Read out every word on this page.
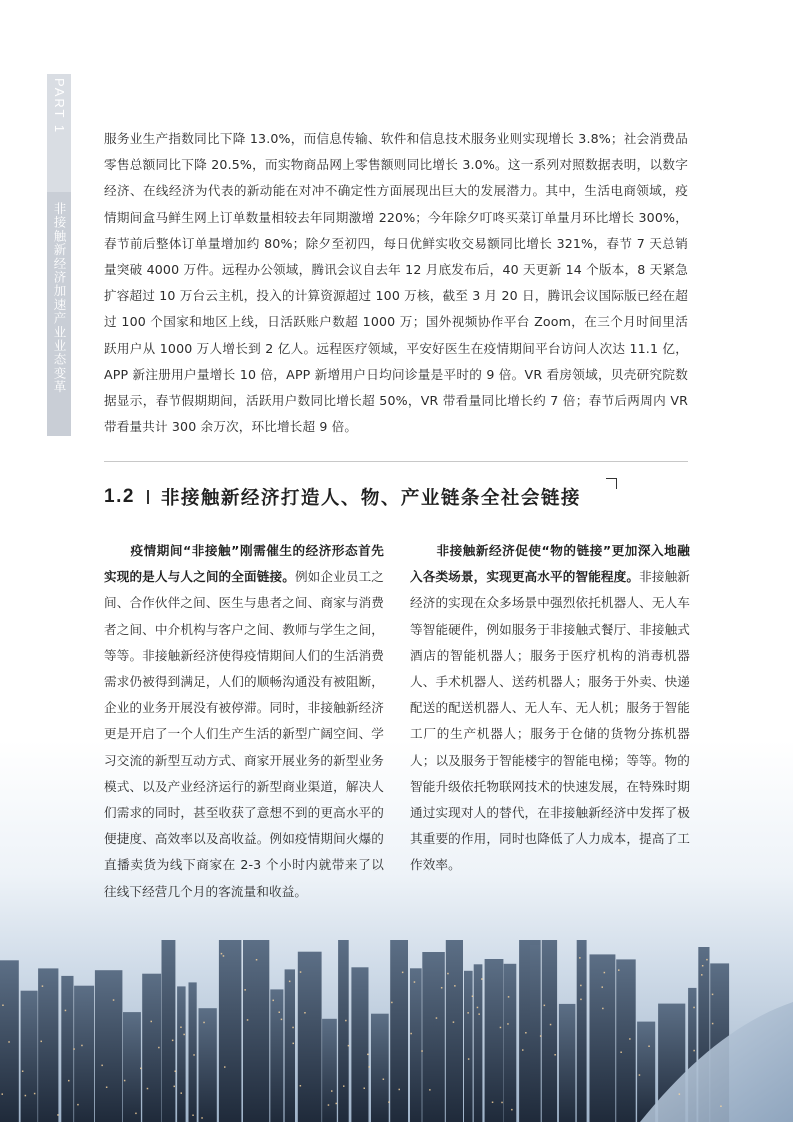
PART 1
非接触新经济加速产业业态变革

服务业生产指数同比下降 13.0%，而信息传输、软件和信息技术服务业则实现增长 3.8%；社会消费品零售总额同比下降 20.5%，而实物商品网上零售额则同比增长 3.0%。这一系列对照数据表明，以数字经济、在线经济为代表的新动能在对冲不确定性方面展现出巨大的发展潜力。其中，生活电商领域，疫情期间盒马鲜生网上订单数量相较去年同期激增 220%；今年除夕叮咚买菜订单量月环比增长 300%，春节前后整体订单量增加约 80%；除夕至初四，每日优鲜实收交易额同比增长 321%，春节 7 天总销量突破 4000 万件。远程办公领域，腾讯会议自去年 12 月底发布后，40 天更新 14 个版本，8 天紧急扩容超过 10 万台云主机，投入的计算资源超过 100 万核，截至 3 月 20 日，腾讯会议国际版已经在超过 100 个国家和地区上线，日活跃账户数超 1000 万；国外视频协作平台 Zoom，在三个月时间里活跃用户从 1000 万人增长到 2 亿人。远程医疗领域，平安好医生在疫情期间平台访问人次达 11.1 亿，APP 新注册用户量增长 10 倍，APP 新增用户日均问诊量是平时的 9 倍。VR 看房领域，贝壳研究院数据显示，春节假期期间，活跃用户数同比增长超 50%，VR 带看量同比增长约 7 倍；春节后两周内 VR 带看量共计 300 余万次，环比增长超 9 倍。

1.2 非接触新经济打造人、物、产业链条全社会链接

疫情期间“非接触”刚需催生的经济形态首先实现的是人与人之间的全面链接。例如企业员工之间、合作伙伴之间、医生与患者之间、商家与消费者之间、中介机构与客户之间、教师与学生之间，等等。非接触新经济使得疫情期间人们的生活消费需求仍被得到满足，人们的顺畅沟通没有被阻断，企业的业务开展没有被停滞。同时，非接触新经济更是开启了一个人们生产生活的新型广阔空间、学习交流的新型互动方式、商家开展业务的新型业务模式、以及产业经济运行的新型商业渠道，解决人们需求的同时，甚至收获了意想不到的更高水平的便捷度、高效率以及高收益。例如疫情期间火爆的直播卖货为线下商家在 2-3 个小时内就带来了以往线下经营几个月的客流量和收益。

非接触新经济促使“物的链接”更加深入地融入各类场景，实现更高水平的智能程度。非接触新经济的实现在众多场景中强烈依托机器人、无人车等智能硬件，例如服务于非接触式餐厅、非接触式酒店的智能机器人；服务于医疗机构的消毒机器人、手术机器人、送药机器人；服务于外卖、快递配送的配送机器人、无人车、无人机；服务于智能工厂的生产机器人；服务于仓储的货物分拣机器人；以及服务于智能楼宇的智能电梯；等等。物的智能升级依托物联网技术的快速发展，在特殊时期通过实现对人的替代，在非接触新经济中发挥了极其重要的作用，同时也降低了人力成本，提高了工作效率。
